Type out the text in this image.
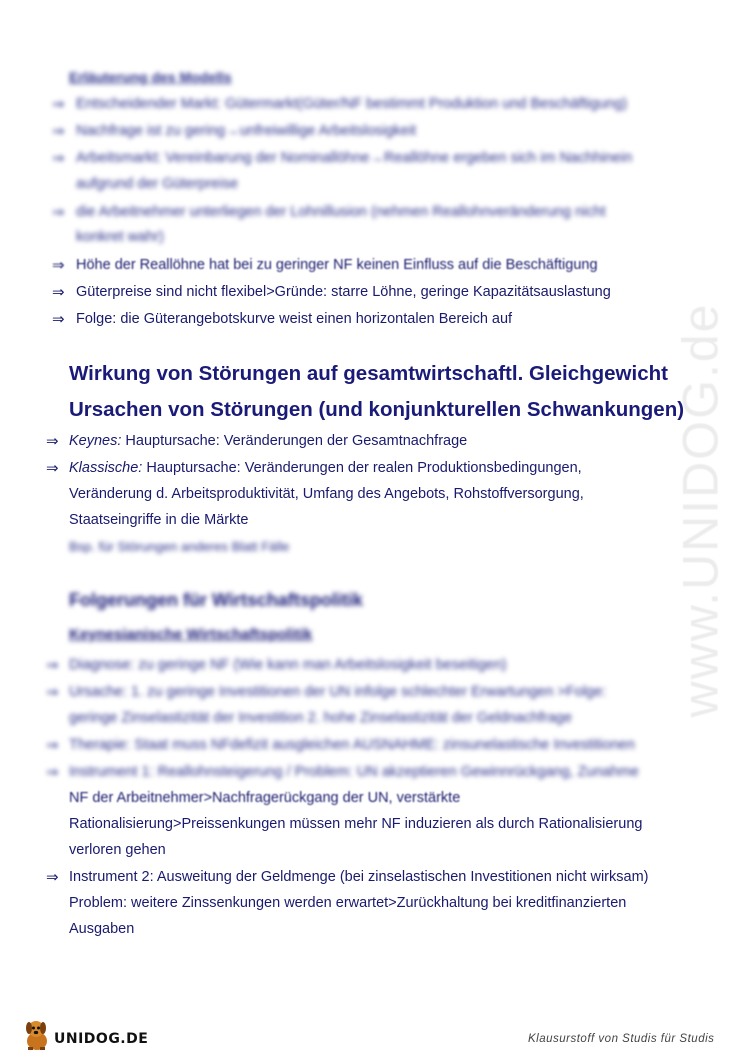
www.UNIDOG.de
Erläuterung des Modells
⇒ Entscheidender Markt: Gütermarkt(Güter/NF bestimmt Produktion und Beschäftigung)
⇒ Nachfrage ist zu gering→unfreiwillige Arbeitslosigkeit
⇒ Arbeitsmarkt: Vereinbarung der Nominallöhne→Reallöhne ergeben sich im Nachhinein
aufgrund der Güterpreise
⇒ die Arbeitnehmer unterliegen der Lohnillusion (nehmen Reallohnveränderung nicht
konkret wahr)
⇒ Höhe der Reallöhne hat bei zu geringer NF keinen Einfluss auf die Beschäftigung
⇒ Güterpreise sind nicht flexibel>Gründe: starre Löhne, geringe Kapazitätsauslastung
⇒ Folge: die Güterangebotskurve weist einen horizontalen Bereich auf
Wirkung von Störungen auf gesamtwirtschaftl. Gleichgewicht
Ursachen von Störungen (und konjunkturellen Schwankungen)
⇒ Keynes: Hauptursache: Veränderungen der Gesamtnachfrage
⇒ Klassische: Hauptursache: Veränderungen der realen Produktionsbedingungen,
Veränderung d. Arbeitsproduktivität, Umfang des Angebots, Rohstoffversorgung,
Staatseingriffe in die Märkte
Bsp. für Störungen anderes Blatt Fälle
Folgerungen für Wirtschaftspolitik
Keynesianische Wirtschaftspolitik
⇒ Diagnose: zu geringe NF (Wie kann man Arbeitslosigkeit beseitigen)
⇒ Ursache: 1. zu geringe Investitionen der UN infolge schlechter Erwartungen >Folge:
geringe Zinselastizität der Investition 2. hohe Zinselastizität der Geldnachfrage
⇒ Therapie: Staat muss NFdefizit ausgleichen AUSNAHME: zinsunelastische Investitionen
⇒ Instrument 1: Reallohnsteigerung / Problem: UN akzeptieren Gewinnrückgang, Zunahme
NF der Arbeitnehmer>Nachfragerückgang der UN, verstärkte
Rationalisierung>Preissenkungen müssen mehr NF induzieren als durch Rationalisierung
verloren gehen
⇒ Instrument 2: Ausweitung der Geldmenge (bei zinselastischen Investitionen nicht wirksam)
Problem: weitere Zinssenkungen werden erwartet>Zurückhaltung bei kreditfinanzierten
Ausgaben
UNIDOG.DE	Klausurstoff von Studis für Studis
